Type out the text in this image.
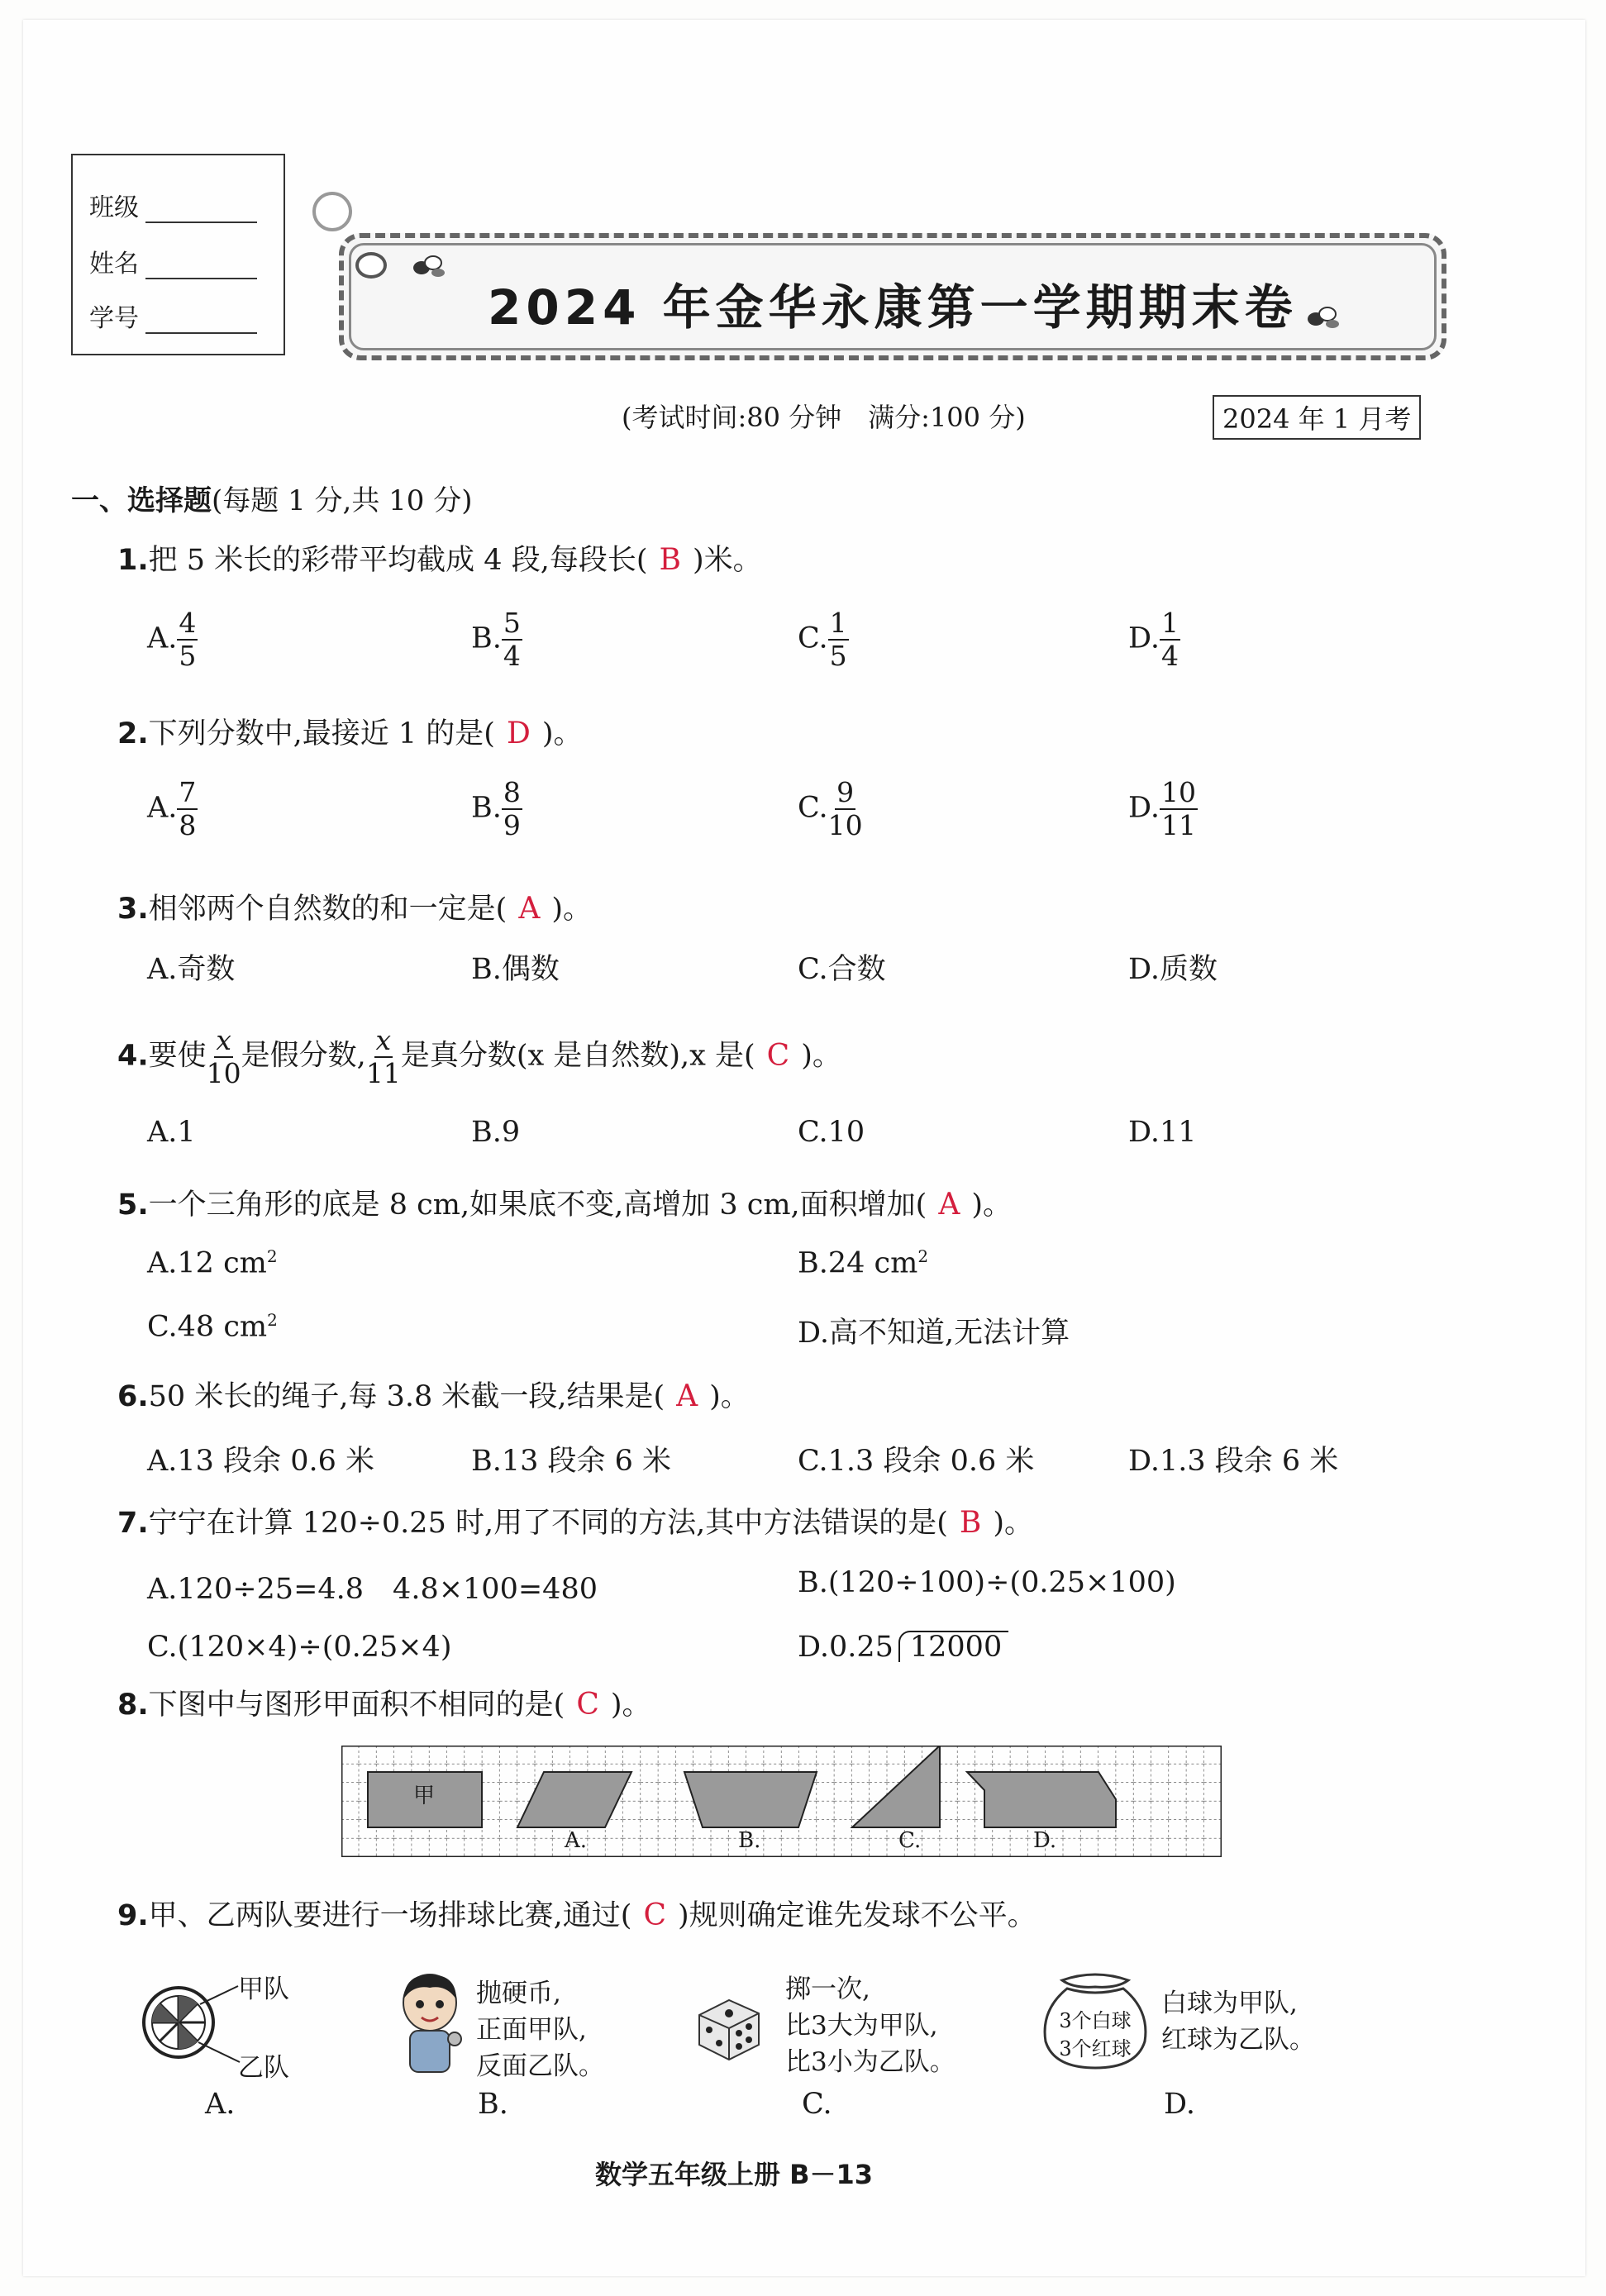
班级
姓名
学号	2024 年金华永康第一学期期末卷
(考试时间:80 分钟　满分:100 分)	2024 年 1 月考
一、选择题(每题 1 分,共 10 分)
1.把 5 米长的彩带平均截成 4 段,每段长( B )米。
A. $\frac{4}{5}$	B. $\frac{5}{4}$	C. $\frac{1}{5}$	D. $\frac{1}{4}$
2.下列分数中,最接近 1 的是( D )。
A. $\frac{7}{8}$	B. $\frac{8}{9}$	C. $\frac{9}{10}$	D. $\frac{10}{11}$
3.相邻两个自然数的和一定是( A )。
A.奇数	B.偶数	C.合数	D.质数
4.要使 $\frac{x}{10}$ 是假分数, $\frac{x}{11}$ 是真分数(x 是自然数),x 是( C )。
A.1	B.9	C.10	D.11
5.一个三角形的底是 8 cm,如果底不变,高增加 3 cm,面积增加( A )。
A.12 $cm^2$	B.24 $cm^2$
C.48 $cm^2$	D.高不知道,无法计算
6.50 米长的绳子,每 3.8 米截一段,结果是( A )。
A.13 段余 0.6 米	B.13 段余 6 米	C.1.3 段余 0.6 米	D.1.3 段余 6 米
7.宁宁在计算 120÷0.25 时,用了不同的方法,其中方法错误的是( B )。
A.120÷25=4.8　4.8×100=480	B.(120÷100)÷(0.25×100)
C.(120×4)÷(0.25×4)	D.0.25 12000
8.下图中与图形甲面积不相同的是( C )。
甲
A.	B.	C.	D.
9.甲、乙两队要进行一场排球比赛,通过( C )规则确定谁先发球不公平。
甲队
乙队
A.
抛硬币,
正面甲队,
反面乙队。
B.
掷一次,
比3大为甲队,
比3小为乙队。
C.
3个白球
3个红球
白球为甲队,
红球为乙队。
D.
数学五年级上册 B－13
